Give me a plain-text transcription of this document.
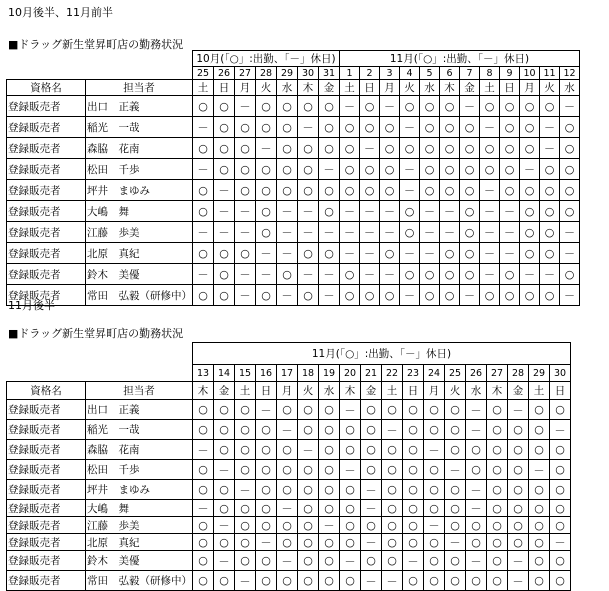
10月後半、11月前半
■ドラッグ新生堂昇町店の勤務状況
		10月(「○」:出勤、「－」休日)							11月(「○」:出勤、「－」休日)											
		25	26	27	28	29	30	31	1	2	3	4	5	6	7	8	9	10	11	12
資格名	担当者	土	日	月	火	水	木	金	土	日	月	火	水	木	金	土	日	月	火	水
登録販売者	出口　正義	○	○	－	○	○	○	○	－	○	－	○	○	○	－	○	○	○	○	－
登録販売者	稲光　一哉	－	○	○	○	○	－	○	○	○	○	－	○	○	○	－	○	○	－	○
登録販売者	森脇　花南	○	○	○	－	○	○	○	○	－	○	○	○	○	○	○	○	○	－	○
登録販売者	松田　千歩	－	○	○	○	○	○	－	○	○	○	－	○	○	○	○	○	－	○	○
登録販売者	坪井　まゆみ	○	－	○	○	○	○	○	○	○	○	－	○	○	○	－	○	○	○	○
登録販売者	大嶋　舞	○	－	－	○	－	－	○	－	－	－	○	－	－	○	－	－	○	○	○
登録販売者	江藤　歩美	－	－	－	○	－	－	－	－	－	－	○	－	－	○	－	－	○	○	－
登録販売者	北原　真紀	○	○	○	－	－	○	○	－	－	○	－	－	○	○	－	－	○	○	－
登録販売者	鈴木　美優	－	○	－	－	○	－	－	○	－	－	○	○	○	○	－	○	－	－	○
登録販売者	常田　弘毅（研修中）	○	○	－	○	－	○	－	○	○	○	－	○	○	－	○	○	○	○	－
11月後半
■ドラッグ新生堂昇町店の勤務状況
		11月(「○」:出勤、「－」休日)																	
		13	14	15	16	17	18	19	20	21	22	23	24	25	26	27	28	29	30
資格名	担当者	木	金	土	日	月	火	水	木	金	土	日	月	火	水	木	金	土	日
登録販売者	出口　正義	○	○	○	－	○	○	○	－	○	○	○	○	○	－	○	－	○	○
登録販売者	稲光　一哉	○	○	○	○	－	○	○	○	○	－	○	○	○	－	○	○	○	－
登録販売者	森脇　花南	－	○	○	○	○	－	○	○	○	○	○	－	○	○	○	○	○	○
登録販売者	松田　千歩	○	－	○	○	○	○	○	－	○	○	○	○	－	○	○	○	－	○
登録販売者	坪井　まゆみ	○	○	－	○	○	○	○	○	－	○	○	○	○	－	○	○	○	○
登録販売者	大嶋　舞	－	○	○	○	－	○	○	○	－	○	○	○	○	－	○	○	○	○
登録販売者	江藤　歩美	○	－	○	○	○	○	－	○	○	○	○	－	○	○	○	○	○	○
登録販売者	北原　真紀	○	○	○	－	○	○	○	○	－	○	○	○	－	○	○	○	○	－
登録販売者	鈴木　美優	○	－	○	○	－	○	○	－	○	○	－	○	○	－	○	－	○	○
登録販売者	常田　弘毅（研修中）	○	○	－	○	○	○	○	○	－	－	○	○	○	○	○	－	○	○
